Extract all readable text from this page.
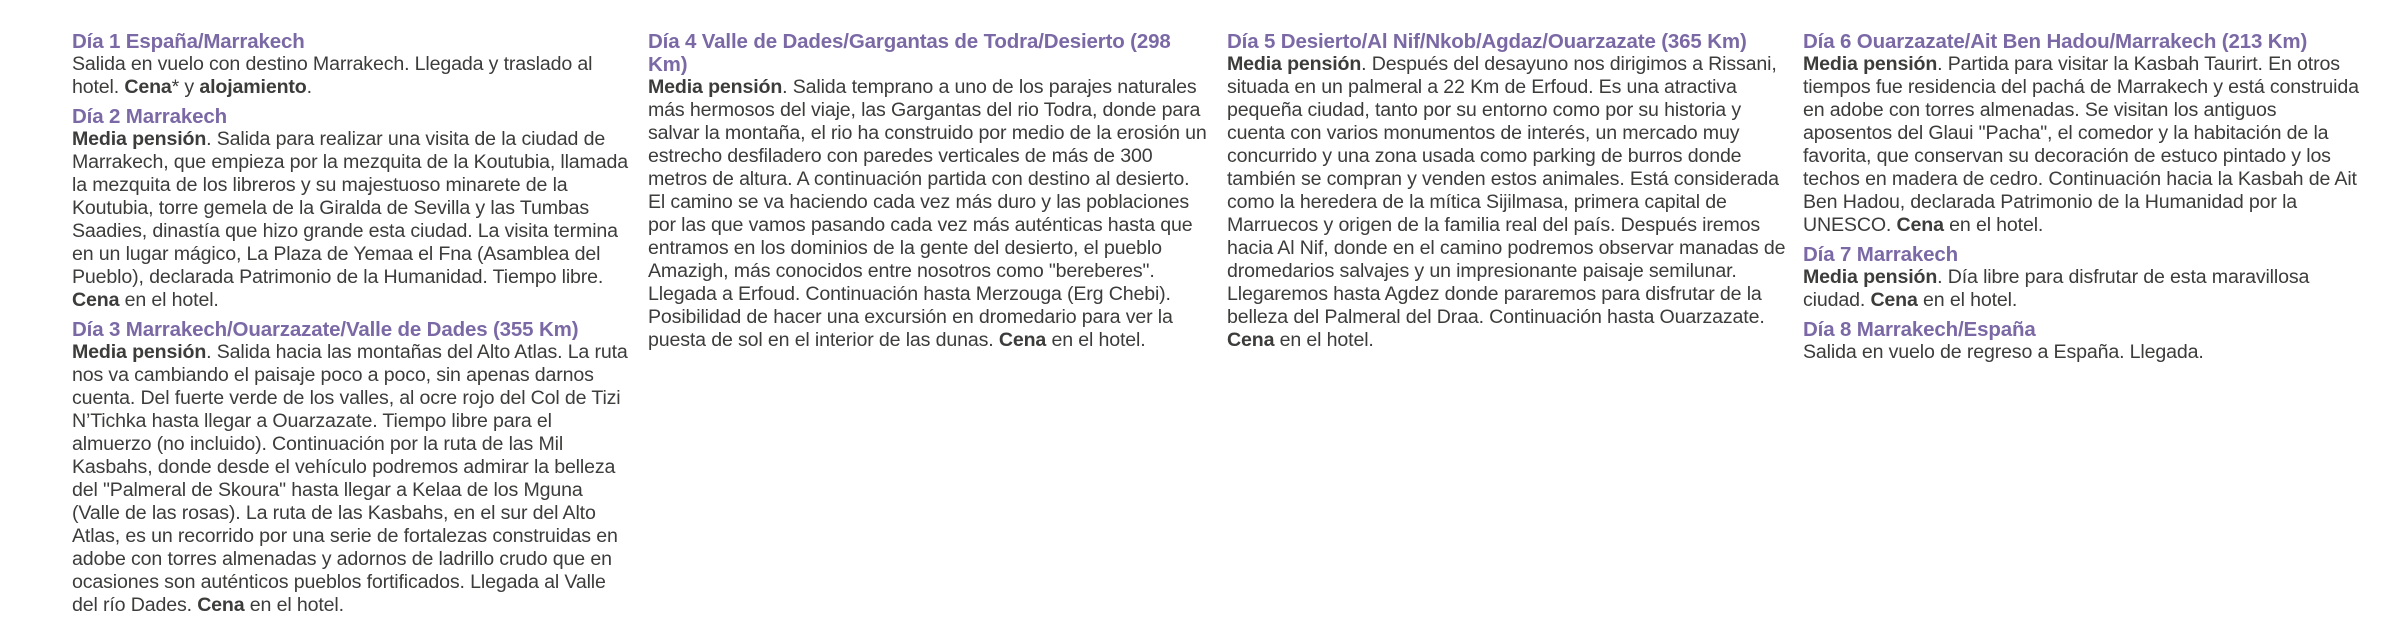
Día 1 España/Marrakech

Salida en vuelo con destino Marrakech. Llegada y traslado al hotel. Cena* y alojamiento.

Día 2 Marrakech

Media pensión. Salida para realizar una visita de la ciudad de Marrakech, que empieza por la mezquita de la Koutubia, llamada la mezquita de los libreros y su majestuoso minarete de la Koutubia, torre gemela de la Giralda de Sevilla y las Tumbas Saadies, dinastía que hizo grande esta ciudad. La visita termina en un lugar mágico, La Plaza de Yemaa el Fna (Asamblea del Pueblo), declarada Patrimonio de la Humanidad. Tiempo libre. Cena en el hotel.

Día 3 Marrakech/Ouarzazate/Valle de Dades (355 Km)

Media pensión. Salida hacia las montañas del Alto Atlas. La ruta nos va cambiando el paisaje poco a poco, sin apenas darnos cuenta. Del fuerte verde de los valles, al ocre rojo del Col de Tizi N’Tichka hasta llegar a Ouarzazate. Tiempo libre para el almuerzo (no incluido). Continuación por la ruta de las Mil Kasbahs, donde desde el vehículo podremos admirar la belleza del "Palmeral de Skoura" hasta llegar a Kelaa de los Mguna (Valle de las rosas). La ruta de las Kasbahs, en el sur del Alto Atlas, es un recorrido por una serie de fortalezas construidas en adobe con torres almenadas y adornos de ladrillo crudo que en ocasiones son auténticos pueblos fortificados. Llegada al Valle del río Dades. Cena en el hotel.

Día 4 Valle de Dades/Gargantas de Todra/Desierto (298 Km)

Media pensión. Salida temprano a uno de los parajes naturales más hermosos del viaje, las Gargantas del rio Todra, donde para salvar la montaña, el rio ha construido por medio de la erosión un estrecho desfiladero con paredes verticales de más de 300 metros de altura. A continuación partida con destino al desierto. El camino se va haciendo cada vez más duro y las poblaciones por las que vamos pasando cada vez más auténticas hasta que entramos en los dominios de la gente del desierto, el pueblo Amazigh, más conocidos entre nosotros como "bereberes". Llegada a Erfoud. Continuación hasta Merzouga (Erg Chebi). Posibilidad de hacer una excursión en dromedario para ver la puesta de sol en el interior de las dunas. Cena en el hotel.

Día 5 Desierto/Al Nif/Nkob/Agdaz/Ouarzazate (365 Km)

Media pensión. Después del desayuno nos dirigimos a Rissani, situada en un palmeral a 22 Km de Erfoud. Es una atractiva pequeña ciudad, tanto por su entorno como por su historia y cuenta con varios monumentos de interés, un mercado muy concurrido y una zona usada como parking de burros donde también se compran y venden estos animales. Está considerada como la heredera de la mítica Sijilmasa, primera capital de Marruecos y origen de la familia real del país. Después iremos hacia Al Nif, donde en el camino podremos observar manadas de dromedarios salvajes y un impresionante paisaje semilunar. Llegaremos hasta Agdez donde pararemos para disfrutar de la belleza del Palmeral del Draa. Continuación hasta Ouarzazate. Cena en el hotel.

Día 6 Ouarzazate/Ait Ben Hadou/Marrakech (213 Km)

Media pensión. Partida para visitar la Kasbah Taurirt. En otros tiempos fue residencia del pachá de Marrakech y está construida en adobe con torres almenadas. Se visitan los antiguos aposentos del Glaui "Pacha", el comedor y la habitación de la favorita, que conservan su decoración de estuco pintado y los techos en madera de cedro. Continuación hacia la Kasbah de Ait Ben Hadou, declarada Patrimonio de la Humanidad por la UNESCO. Cena en el hotel.

Día 7 Marrakech

Media pensión. Día libre para disfrutar de esta maravillosa ciudad. Cena en el hotel.

Día 8 Marrakech/España

Salida en vuelo de regreso a España. Llegada.
